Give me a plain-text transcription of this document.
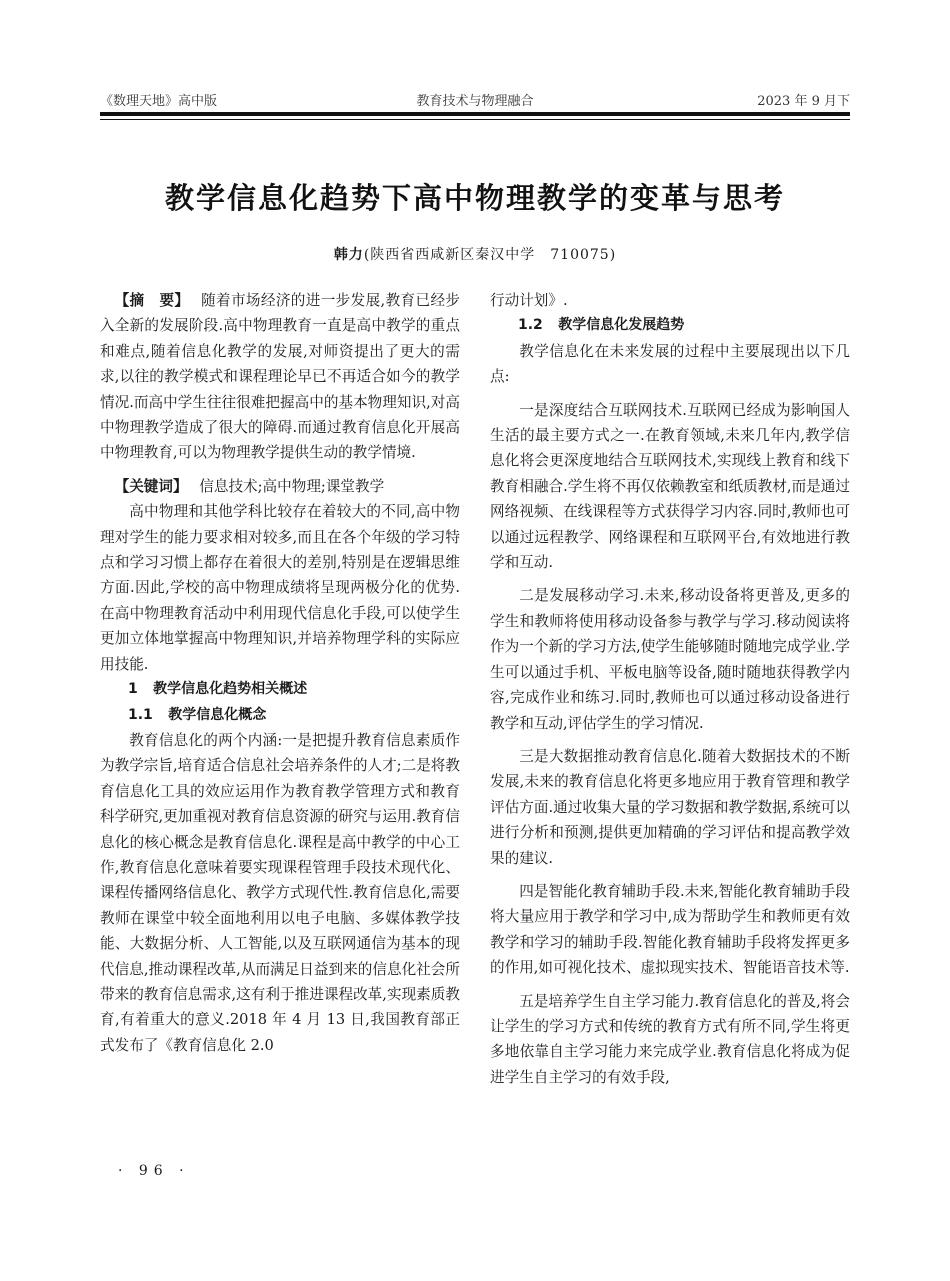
《数理天地》高中版	教育技术与物理融合	2023 年 9 月下
教学信息化趋势下高中物理教学的变革与思考
韩力(陕西省西咸新区秦汉中学　710075)

【摘　要】 随着市场经济的进一步发展,教育已经步入全新的发展阶段.高中物理教育一直是高中教学的重点和难点,随着信息化教学的发展,对师资提出了更大的需求,以往的教学模式和课程理论早已不再适合如今的教学情况.而高中学生往往很难把握高中的基本物理知识,对高中物理教学造成了很大的障碍.而通过教育信息化开展高中物理教育,可以为物理教学提供生动的教学情境.

【关键词】 信息技术;高中物理;课堂教学

高中物理和其他学科比较存在着较大的不同,高中物理对学生的能力要求相对较多,而且在各个年级的学习特点和学习习惯上都存在着很大的差别,特别是在逻辑思维方面.因此,学校的高中物理成绩将呈现两极分化的优势.在高中物理教育活动中利用现代信息化手段,可以使学生更加立体地掌握高中物理知识,并培养物理学科的实际应用技能.

1 教学信息化趋势相关概述
1.1 教学信息化概念

教育信息化的两个内涵:一是把提升教育信息素质作为教学宗旨,培育适合信息社会培养条件的人才;二是将教育信息化工具的效应运用作为教育教学管理方式和教育科学研究,更加重视对教育信息资源的研究与运用.教育信息化的核心概念是教育信息化.课程是高中教学的中心工作,教育信息化意味着要实现课程管理手段技术现代化、课程传播网络信息化、教学方式现代性.教育信息化,需要教师在课堂中较全面地利用以电子电脑、多媒体教学技能、大数据分析、人工智能,以及互联网通信为基本的现代信息,推动课程改革,从而满足日益到来的信息化社会所带来的教育信息需求,这有利于推进课程改革,实现素质教育,有着重大的意义.2018 年 4 月 13 日,我国教育部正式发布了《教育信息化 2.0

行动计划》.

1.2 教学信息化发展趋势

教学信息化在未来发展的过程中主要展现出以下几点:

一是深度结合互联网技术.互联网已经成为影响国人生活的最主要方式之一.在教育领域,未来几年内,教学信息化将会更深度地结合互联网技术,实现线上教育和线下教育相融合.学生将不再仅依赖教室和纸质教材,而是通过网络视频、在线课程等方式获得学习内容.同时,教师也可以通过远程教学、网络课程和互联网平台,有效地进行教学和互动.

二是发展移动学习.未来,移动设备将更普及,更多的学生和教师将使用移动设备参与教学与学习.移动阅读将作为一个新的学习方法,使学生能够随时随地完成学业.学生可以通过手机、平板电脑等设备,随时随地获得教学内容,完成作业和练习.同时,教师也可以通过移动设备进行教学和互动,评估学生的学习情况.

三是大数据推动教育信息化.随着大数据技术的不断发展,未来的教育信息化将更多地应用于教育管理和教学评估方面.通过收集大量的学习数据和教学数据,系统可以进行分析和预测,提供更加精确的学习评估和提高教学效果的建议.

四是智能化教育辅助手段.未来,智能化教育辅助手段将大量应用于教学和学习中,成为帮助学生和教师更有效教学和学习的辅助手段.智能化教育辅助手段将发挥更多的作用,如可视化技术、虚拟现实技术、智能语音技术等.

五是培养学生自主学习能力.教育信息化的普及,将会让学生的学习方式和传统的教育方式有所不同,学生将更多地依靠自主学习能力来完成学业.教育信息化将成为促进学生自主学习的有效手段,

· 96 ·
